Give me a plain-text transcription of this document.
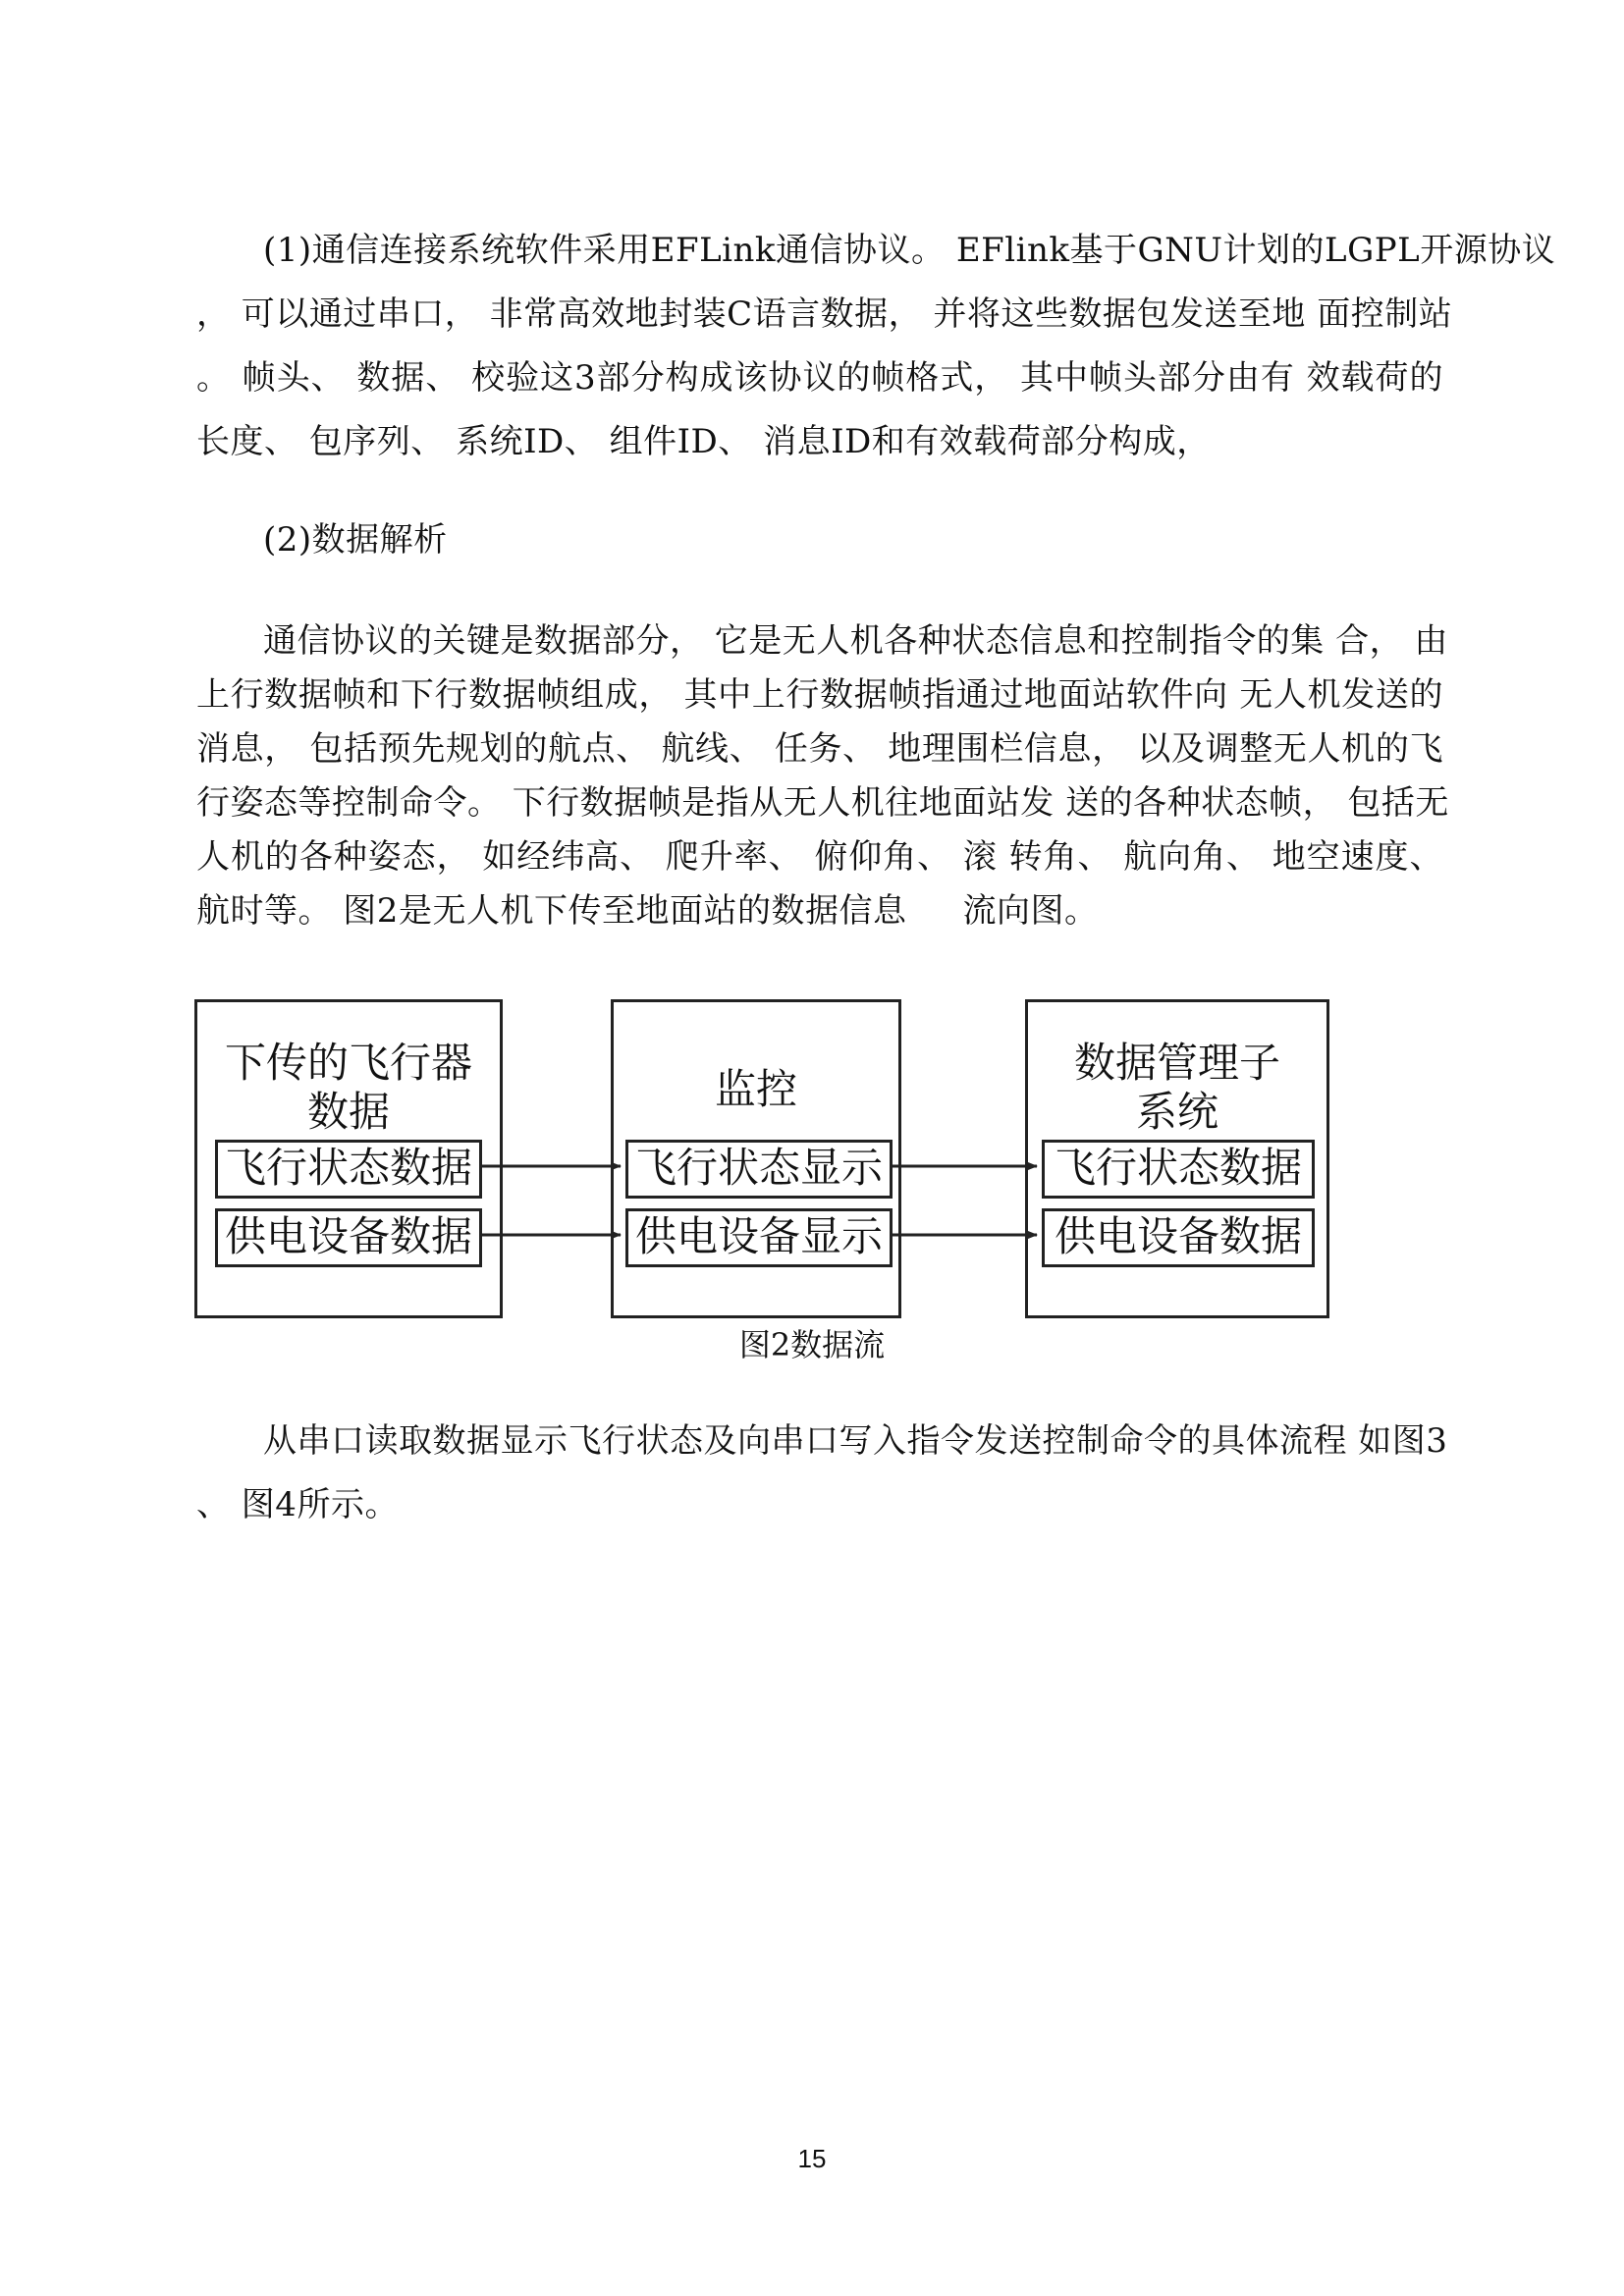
(1)通信连接系统软件采用EFLink通信协议。 EFlink基于GNU计划的LGPL开源协议
， 可以通过串口， 非常高效地封装C语言数据， 并将这些数据包发送至地 面控制站
。 帧头、 数据、 校验这3部分构成该协议的帧格式， 其中帧头部分由有 效载荷的
长度、 包序列、 系统ID、 组件ID、 消息ID和有效载荷部分构成，
(2)数据解析
通信协议的关键是数据部分， 它是无人机各种状态信息和控制指令的集 合， 由
上行数据帧和下行数据帧组成， 其中上行数据帧指通过地面站软件向 无人机发送的
消息， 包括预先规划的航点、 航线、 任务、 地理围栏信息， 以及调整无人机的飞
行姿态等控制命令。 下行数据帧是指从无人机往地面站发 送的各种状态帧， 包括无
人机的各种姿态， 如经纬高、 爬升率、 俯仰角、 滚 转角、 航向角、 地空速度、
航时等。 图2是无人机下传至地面站的数据信息 　 流向图。
下传的飞行器
数据
飞行状态数据
供电设备数据
监控
飞行状态显示
供电设备显示
数据管理子
系统
飞行状态数据
供电设备数据
图2数据流
从串口读取数据显示飞行状态及向串口写入指令发送控制命令的具体流程 如图3
、 图4所示。
15
